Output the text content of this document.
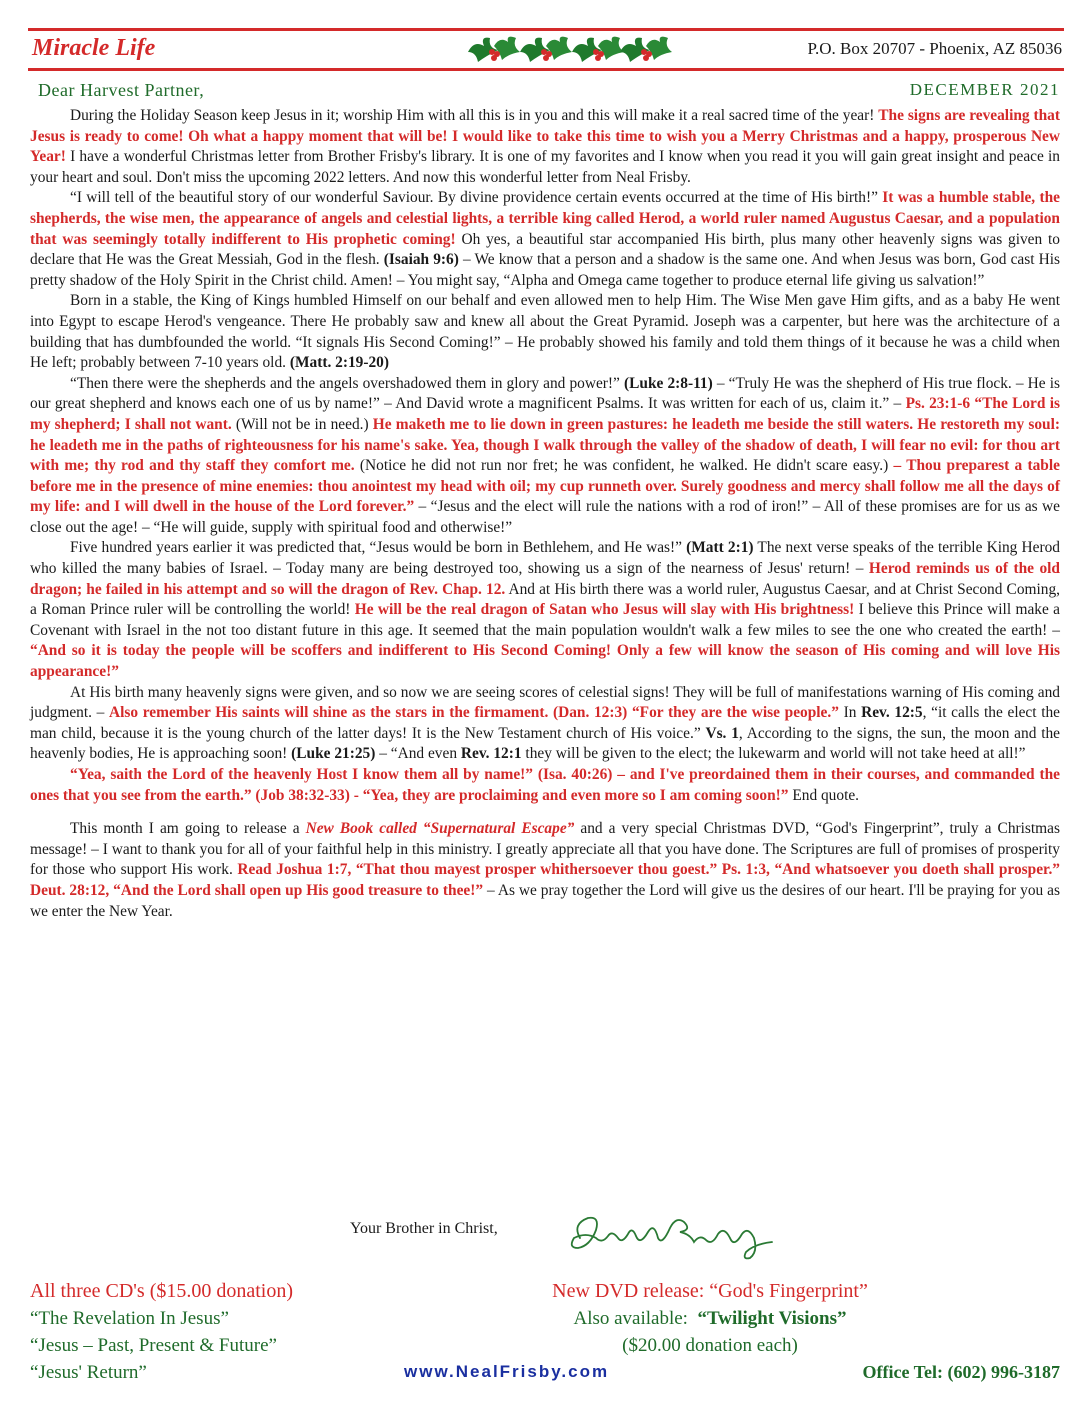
Miracle Life	P.O. Box 20707 - Phoenix, AZ 85036
Dear Harvest Partner,	DECEMBER 2021

During the Holiday Season keep Jesus in it; worship Him with all this is in you and this will make it a real sacred time of the year! The signs are revealing that Jesus is ready to come! Oh what a happy moment that will be! I would like to take this time to wish you a Merry Christmas and a happy, prosperous New Year! I have a wonderful Christmas letter from Brother Frisby's library. It is one of my favorites and I know when you read it you will gain great insight and peace in your heart and soul. Don't miss the upcoming 2022 letters. And now this wonderful letter from Neal Frisby.

“I will tell of the beautiful story of our wonderful Saviour. By divine providence certain events occurred at the time of His birth!” It was a humble stable, the shepherds, the wise men, the appearance of angels and celestial lights, a terrible king called Herod, a world ruler named Augustus Caesar, and a population that was seemingly totally indifferent to His prophetic coming! Oh yes, a beautiful star accompanied His birth, plus many other heavenly signs was given to declare that He was the Great Messiah, God in the flesh. (Isaiah 9:6) – We know that a person and a shadow is the same one. And when Jesus was born, God cast His pretty shadow of the Holy Spirit in the Christ child. Amen! – You might say, “Alpha and Omega came together to produce eternal life giving us salvation!”

Born in a stable, the King of Kings humbled Himself on our behalf and even allowed men to help Him. The Wise Men gave Him gifts, and as a baby He went into Egypt to escape Herod's vengeance. There He probably saw and knew all about the Great Pyramid. Joseph was a carpenter, but here was the architecture of a building that has dumbfounded the world. “It signals His Second Coming!” – He probably showed his family and told them things of it because he was a child when He left; probably between 7-10 years old. (Matt. 2:19-20)

“Then there were the shepherds and the angels overshadowed them in glory and power!” (Luke 2:8-11) – “Truly He was the shepherd of His true flock. – He is our great shepherd and knows each one of us by name!” – And David wrote a magnificent Psalms. It was written for each of us, claim it.” – Ps. 23:1-6 “The Lord is my shepherd; I shall not want. (Will not be in need.) He maketh me to lie down in green pastures: he leadeth me beside the still waters. He restoreth my soul: he leadeth me in the paths of righteousness for his name's sake. Yea, though I walk through the valley of the shadow of death, I will fear no evil: for thou art with me; thy rod and thy staff they comfort me. (Notice he did not run nor fret; he was confident, he walked. He didn't scare easy.) – Thou preparest a table before me in the presence of mine enemies: thou anointest my head with oil; my cup runneth over. Surely goodness and mercy shall follow me all the days of my life: and I will dwell in the house of the Lord forever.” – “Jesus and the elect will rule the nations with a rod of iron!” – All of these promises are for us as we close out the age! – “He will guide, supply with spiritual food and otherwise!”

Five hundred years earlier it was predicted that, “Jesus would be born in Bethlehem, and He was!” (Matt 2:1) The next verse speaks of the terrible King Herod who killed the many babies of Israel. – Today many are being destroyed too, showing us a sign of the nearness of Jesus' return! – Herod reminds us of the old dragon; he failed in his attempt and so will the dragon of Rev. Chap. 12. And at His birth there was a world ruler, Augustus Caesar, and at Christ Second Coming, a Roman Prince ruler will be controlling the world! He will be the real dragon of Satan who Jesus will slay with His brightness! I believe this Prince will make a Covenant with Israel in the not too distant future in this age. It seemed that the main population wouldn't walk a few miles to see the one who created the earth! – “And so it is today the people will be scoffers and indifferent to His Second Coming! Only a few will know the season of His coming and will love His appearance!”

At His birth many heavenly signs were given, and so now we are seeing scores of celestial signs! They will be full of manifestations warning of His coming and judgment. – Also remember His saints will shine as the stars in the firmament. (Dan. 12:3) “For they are the wise people.” In Rev. 12:5, “it calls the elect the man child, because it is the young church of the latter days! It is the New Testament church of His voice.” Vs. 1, According to the signs, the sun, the moon and the heavenly bodies, He is approaching soon! (Luke 21:25) – “And even Rev. 12:1 they will be given to the elect; the lukewarm and world will not take heed at all!”

“Yea, saith the Lord of the heavenly Host I know them all by name!” (Isa. 40:26) – and I've preordained them in their courses, and commanded the ones that you see from the earth.” (Job 38:32-33) - “Yea, they are proclaiming and even more so I am coming soon!” End quote.

This month I am going to release a New Book called “Supernatural Escape” and a very special Christmas DVD, “God's Fingerprint”, truly a Christmas message! – I want to thank you for all of your faithful help in this ministry. I greatly appreciate all that you have done. The Scriptures are full of promises of prosperity for those who support His work. Read Joshua 1:7, “That thou mayest prosper whithersoever thou goest.” Ps. 1:3, “And whatsoever you doeth shall prosper.” Deut. 28:12, “And the Lord shall open up His good treasure to thee!” – As we pray together the Lord will give us the desires of our heart. I'll be praying for you as we enter the New Year.

Your Brother in Christ,
All three CD's ($15.00 donation)
“The Revelation In Jesus”
“Jesus – Past, Present & Future”
“Jesus' Return”
New DVD release: “God's Fingerprint”
Also available: “Twilight Visions”
($20.00 donation each)
www.NealFrisby.com	Office Tel: (602) 996-3187
